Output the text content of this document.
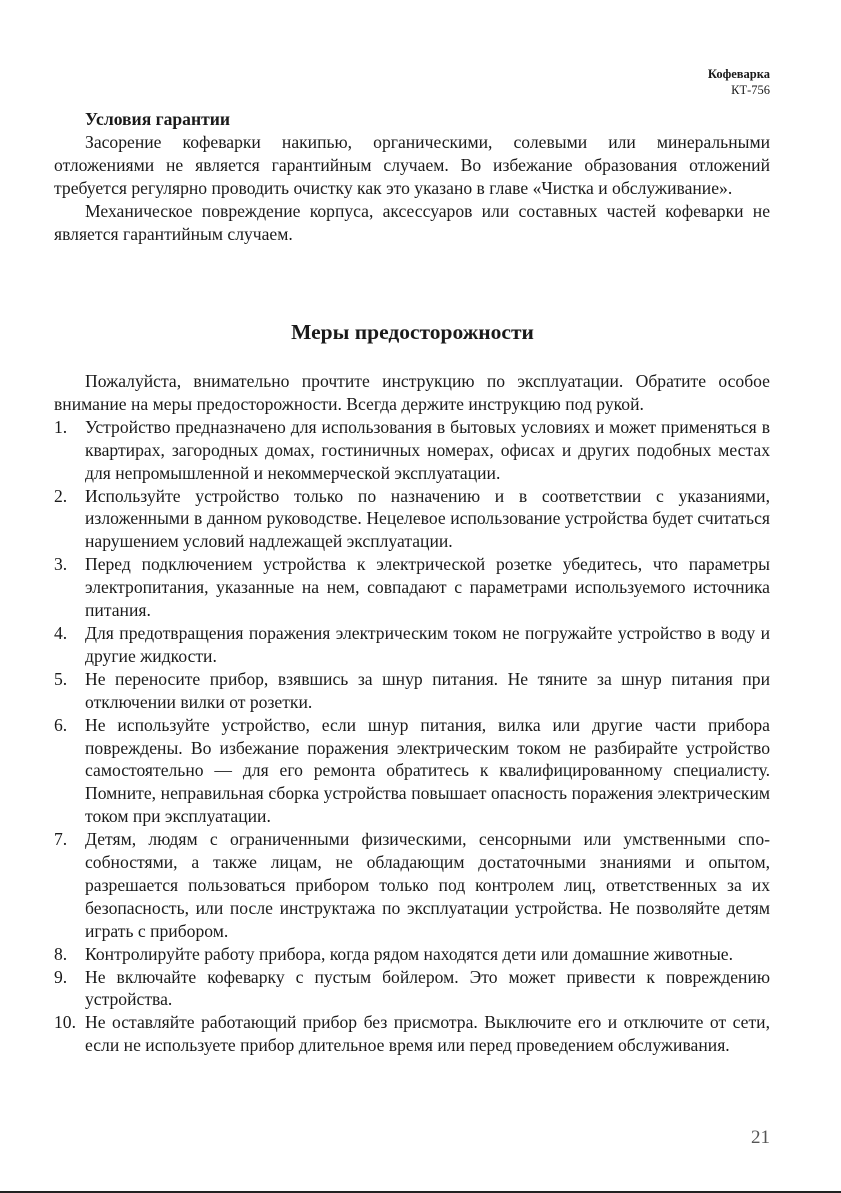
Кофеварка
КТ-756
Условия гарантии

Засорение кофеварки накипью, органическими, солевыми или минеральными отложениями не является гарантийным случаем. Во избежание образования отложений требуется регулярно проводить очистку как это указано в главе «Чистка и обслуживание».

Механическое повреждение корпуса, аксессуаров или составных частей кофеварки не является гарантийным случаем.

Меры предосторожности

Пожалуйста, внимательно прочтите инструкцию по эксплуатации. Обратите особое внимание на меры предосторожности. Всегда держите инструкцию под рукой.

1. Устройство предназначено для использования в бытовых условиях и может применяться в квартирах, загородных домах, гостиничных номерах, офисах и других подобных местах для непромышленной и некоммерческой эксплуатации.
2. Используйте устройство только по назначению и в соответствии с указаниями, изложенными в данном руководстве. Нецелевое использование устройства будет считаться нарушением условий надлежащей эксплуатации.
3. Перед подключением устройства к электрической розетке убедитесь, что параметры электропитания, указанные на нем, совпадают с параметрами используемого источника питания.
4. Для предотвращения поражения электрическим током не погружайте устройство в воду и другие жидкости.
5. Не переносите прибор, взявшись за шнур питания. Не тяните за шнур питания при отключении вилки от розетки.
6. Не используйте устройство, если шнур питания, вилка или другие части прибора повреждены. Во избежание поражения электрическим током не разбирайте устройство самостоятельно — для его ремонта обратитесь к квалифицированному специалисту. Помните, неправильная сборка устройства повышает опасность поражения электрическим током при эксплуатации.
7. Детям, людям с ограниченными физическими, сенсорными или умственными способностями, а также лицам, не обладающим достаточными знаниями и опытом, разрешается пользоваться прибором только под контролем лиц, ответственных за их безопасность, или после инструктажа по эксплуатации устройства. Не позволяйте детям играть с прибором.
8. Контролируйте работу прибора, когда рядом находятся дети или домашние животные.
9. Не включайте кофеварку с пустым бойлером. Это может привести к повреждению устройства.
10. Не оставляйте работающий прибор без присмотра. Выключите его и отключите от сети, если не используете прибор длительное время или перед проведением обслуживания.
21
